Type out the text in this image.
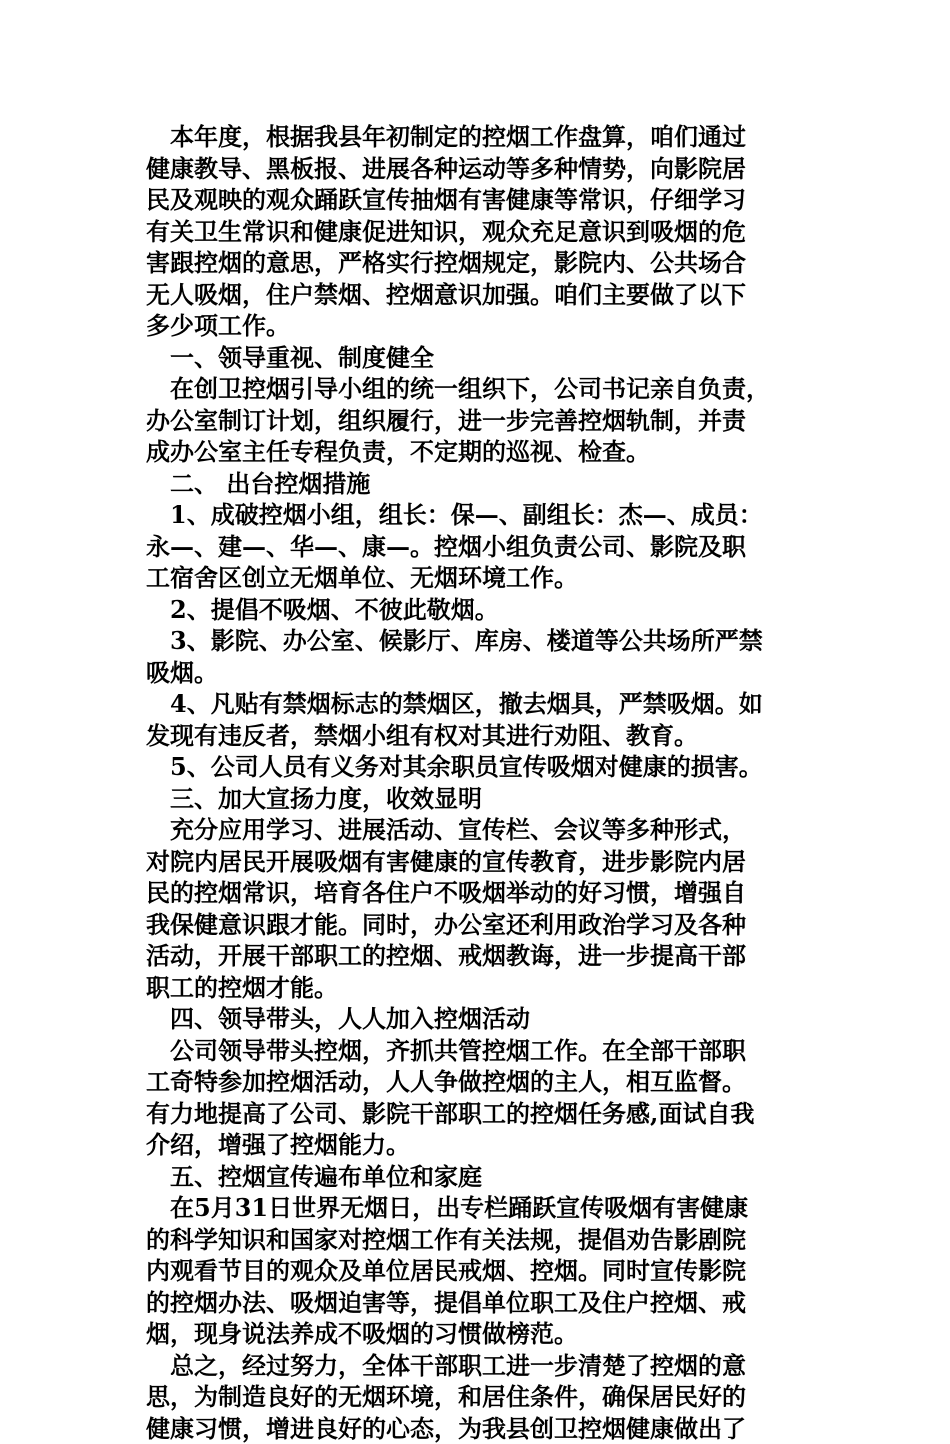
本年度，根据我县年初制定的控烟工作盘算，咱们通过
健康教导、黑板报、进展各种运动等多种情势，向影院居
民及观映的观众踊跃宣传抽烟有害健康等常识，仔细学习
有关卫生常识和健康促进知识，观众充足意识到吸烟的危
害跟控烟的意思，严格实行控烟规定，影院内、公共场合
无人吸烟，住户禁烟、控烟意识加强。咱们主要做了以下
多少项工作。
一、领导重视、制度健全
在创卫控烟引导小组的统一组织下，公司书记亲自负责，
办公室制订计划，组织履行，进一步完善控烟轨制，并责
成办公室主任专程负责，不定期的巡视、检查。
二、 出台控烟措施
1、成破控烟小组，组长：保—、副组长：杰—、成员：
永—、建—、华—、康—。控烟小组负责公司、影院及职
工宿舍区创立无烟单位、无烟环境工作。
2、提倡不吸烟、不彼此敬烟。
3、影院、办公室、候影厅、库房、楼道等公共场所严禁
吸烟。
4、凡贴有禁烟标志的禁烟区，撤去烟具，严禁吸烟。如
发现有违反者，禁烟小组有权对其进行劝阻、教育。
5、公司人员有义务对其余职员宣传吸烟对健康的损害。
三、加大宣扬力度，收效显明
充分应用学习、进展活动、宣传栏、会议等多种形式，
对院内居民开展吸烟有害健康的宣传教育，进步影院内居
民的控烟常识，培育各住户不吸烟举动的好习惯，增强自
我保健意识跟才能。同时，办公室还利用政治学习及各种
活动，开展干部职工的控烟、戒烟教诲，进一步提高干部
职工的控烟才能。
四、领导带头，人人加入控烟活动
公司领导带头控烟，齐抓共管控烟工作。在全部干部职
工奇特参加控烟活动，人人争做控烟的主人，相互监督。
有力地提高了公司、影院干部职工的控烟任务感,面试自我
介绍，增强了控烟能力。
五、控烟宣传遍布单位和家庭
在5月31日世界无烟日，出专栏踊跃宣传吸烟有害健康
的科学知识和国家对控烟工作有关法规，提倡劝告影剧院
内观看节目的观众及单位居民戒烟、控烟。同时宣传影院
的控烟办法、吸烟迫害等，提倡单位职工及住户控烟、戒
烟，现身说法养成不吸烟的习惯做榜范。
总之，经过努力，全体干部职工进一步清楚了控烟的意
思，为制造良好的无烟环境，和居住条件，确保居民好的
健康习惯，增进良好的心态，为我县创卫控烟健康做出了
